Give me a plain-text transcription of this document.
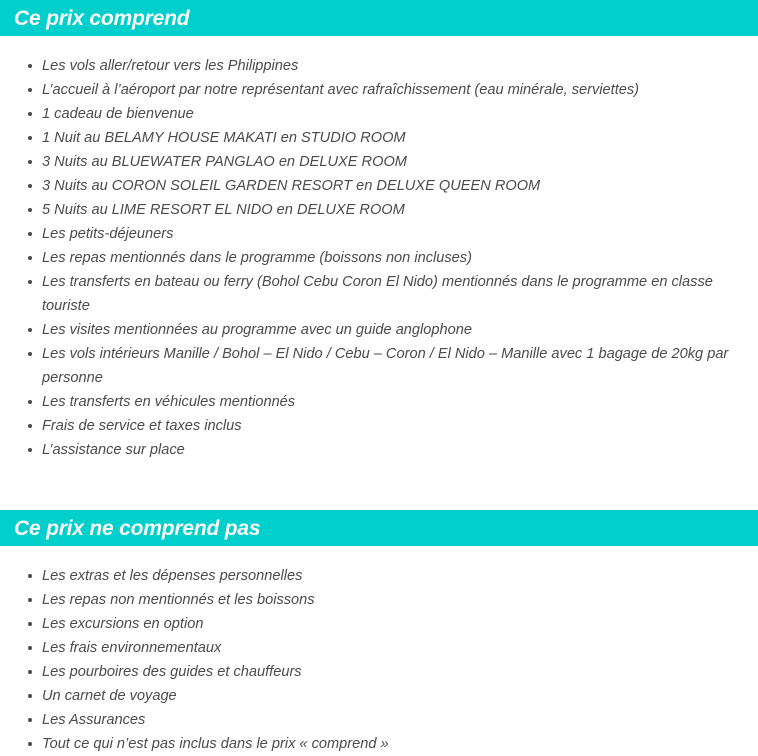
Ce prix comprend
Les vols aller/retour vers les Philippines
L’accueil à l’aéroport par notre représentant avec rafraîchissement (eau minérale, serviettes)
1 cadeau de bienvenue
1 Nuit au BELAMY HOUSE MAKATI en STUDIO ROOM
3 Nuits au BLUEWATER PANGLAO en DELUXE ROOM
3 Nuits au CORON SOLEIL GARDEN RESORT en DELUXE QUEEN ROOM
5 Nuits au LIME RESORT EL NIDO en DELUXE ROOM
Les petits-déjeuners
Les repas mentionnés dans le programme (boissons non incluses)
Les transferts en bateau ou ferry (Bohol Cebu Coron El Nido) mentionnés dans le programme en classe touriste
Les visites mentionnées au programme avec un guide anglophone
Les vols intérieurs Manille / Bohol – El Nido / Cebu – Coron / El Nido – Manille avec 1 bagage de 20kg par personne
Les transferts en véhicules mentionnés
Frais de service et taxes inclus
L’assistance sur place
Ce prix ne comprend pas
Les extras et les dépenses personnelles
Les repas non mentionnés et les boissons
Les excursions en option
Les frais environnementaux
Les pourboires des guides et chauffeurs
Un carnet de voyage
Les Assurances
Tout ce qui n’est pas inclus dans le prix « comprend »
